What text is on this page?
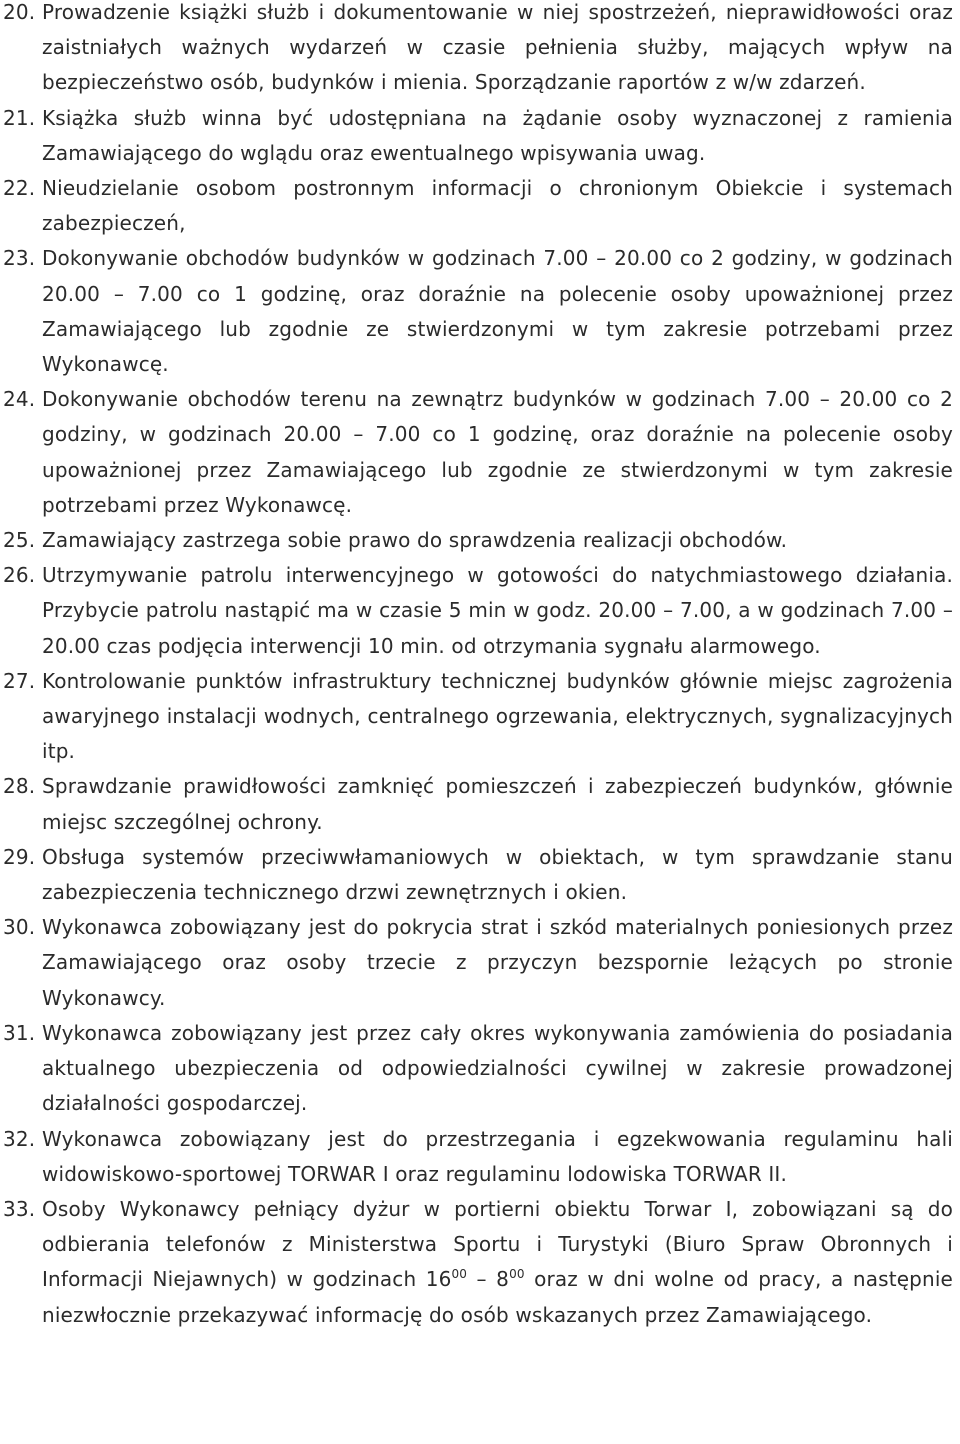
20. Prowadzenie książki służb i dokumentowanie w niej spostrzeżeń, nieprawidłowości oraz zaistniałych ważnych wydarzeń w czasie pełnienia służby, mających wpływ na bezpieczeństwo osób, budynków i mienia. Sporządzanie raportów z w/w zdarzeń.
21. Książka służb winna być udostępniana na żądanie osoby wyznaczonej z ramienia Zamawiającego do wglądu oraz ewentualnego wpisywania uwag.
22. Nieudzielanie osobom postronnym informacji o chronionym Obiekcie i systemach zabezpieczeń,
23. Dokonywanie obchodów budynków w godzinach 7.00 – 20.00 co 2 godziny, w godzinach 20.00 – 7.00 co 1 godzinę, oraz doraźnie na polecenie osoby upoważnionej przez Zamawiającego lub zgodnie ze stwierdzonymi w tym zakresie potrzebami przez Wykonawcę.
24. Dokonywanie obchodów terenu na zewnątrz budynków w godzinach 7.00 – 20.00 co 2 godziny, w godzinach 20.00 – 7.00 co 1 godzinę, oraz doraźnie na polecenie osoby upoważnionej przez Zamawiającego lub zgodnie ze stwierdzonymi w tym zakresie potrzebami przez Wykonawcę.
25. Zamawiający zastrzega sobie prawo do sprawdzenia realizacji obchodów.
26. Utrzymywanie patrolu interwencyjnego w gotowości do natychmiastowego działania. Przybycie patrolu nastąpić ma w czasie 5 min w godz. 20.00 – 7.00, a w godzinach 7.00 – 20.00 czas podjęcia interwencji 10 min. od otrzymania sygnału alarmowego.
27. Kontrolowanie punktów infrastruktury technicznej budynków głównie miejsc zagrożenia awaryjnego instalacji wodnych, centralnego ogrzewania, elektrycznych, sygnalizacyjnych itp.
28. Sprawdzanie prawidłowości zamknięć pomieszczeń i zabezpieczeń budynków, głównie miejsc szczególnej ochrony.
29. Obsługa systemów przeciwwłamaniowych w obiektach, w tym sprawdzanie stanu zabezpieczenia technicznego drzwi zewnętrznych i okien.
30. Wykonawca zobowiązany jest do pokrycia strat i szkód materialnych poniesionych przez Zamawiającego oraz osoby trzecie z przyczyn bezspornie leżących po stronie Wykonawcy.
31. Wykonawca zobowiązany jest przez cały okres wykonywania zamówienia do posiadania aktualnego ubezpieczenia od odpowiedzialności cywilnej w zakresie prowadzonej działalności gospodarczej.
32. Wykonawca zobowiązany jest do przestrzegania i egzekwowania regulaminu hali widowiskowo-sportowej TORWAR I oraz regulaminu lodowiska TORWAR II.
33. Osoby Wykonawcy pełniący dyżur w portierni obiektu Torwar I, zobowiązani są do odbierania telefonów z Ministerstwa Sportu i Turystyki (Biuro Spraw Obronnych i Informacji Niejawnych) w godzinach $16^{00} - 8^{00}$ oraz w dni wolne od pracy, a następnie niezwłocznie przekazywać informację do osób wskazanych przez Zamawiającego.
